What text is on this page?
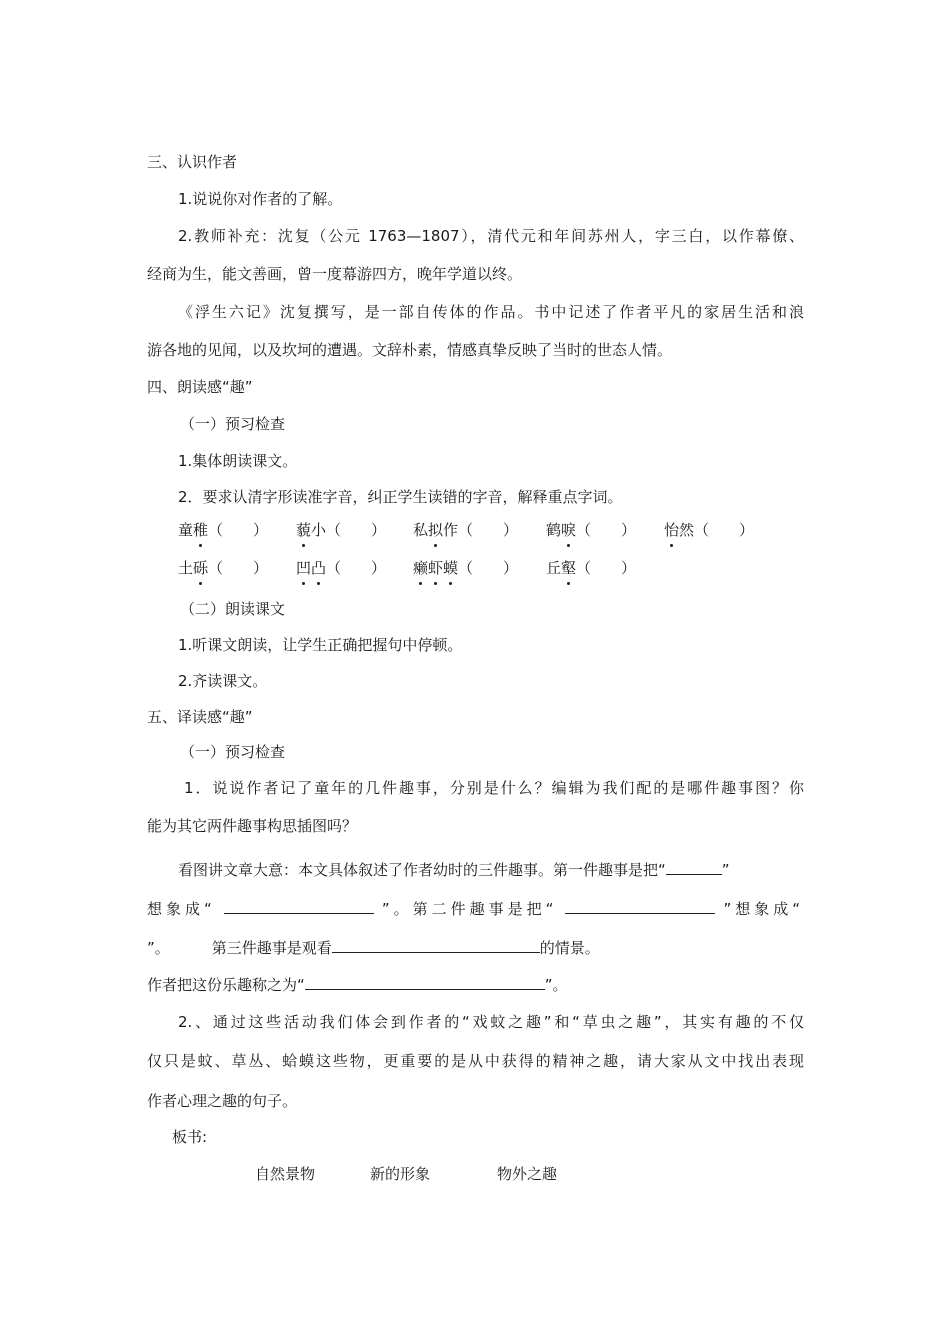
三、认识作者
1.说说你对作者的了解。
2.教师补充：沈复（公元 1763—1807），清代元和年间苏州人，字三白，以作幕僚、
经商为生，能文善画，曾一度幕游四方，晚年学道以终。
《浮生六记》沈复撰写，是一部自传体的作品。书中记述了作者平凡的家居生活和浪
游各地的见闻，以及坎坷的遭遇。文辞朴素，情感真挚反映了当时的世态人情。
四、朗读感“趣”
（一）预习检查
1.集体朗读课文。
2．要求认清字形读准字音，纠正学生读错的字音，解释重点字词。
童稚（　　） 藐小（　　） 私拟作（　　） 鹤唳（　　） 怡然（　　）
土砾（　　） 凹凸（　　） 癞虾蟆（　　） 丘壑（　　）
（二）朗读课文
1.听课文朗读，让学生正确把握句中停顿。
2.齐读课文。
五、译读感“趣”
（一）预习检查
1．说说作者记了童年的几件趣事，分别是什么？编辑为我们配的是哪件趣事图？你
能为其它两件趣事构思插图吗？
看图讲文章大意：本文具体叙述了作者幼时的三件趣事。第一件趣事是把“	”
想象成“	”。第二件趣事是把“	”想象成“
”。	第三件趣事是观看	的情景。
作者把这份乐趣称之为“	”。
2.、通过这些活动我们体会到作者的“戏蚊之趣”和“草虫之趣”，其实有趣的不仅
仅只是蚊、草丛、蛤蟆这些物，更重要的是从中获得的精神之趣，请大家从文中找出表现
作者心理之趣的句子。
板书:
自然景物	新的形象	物外之趣
